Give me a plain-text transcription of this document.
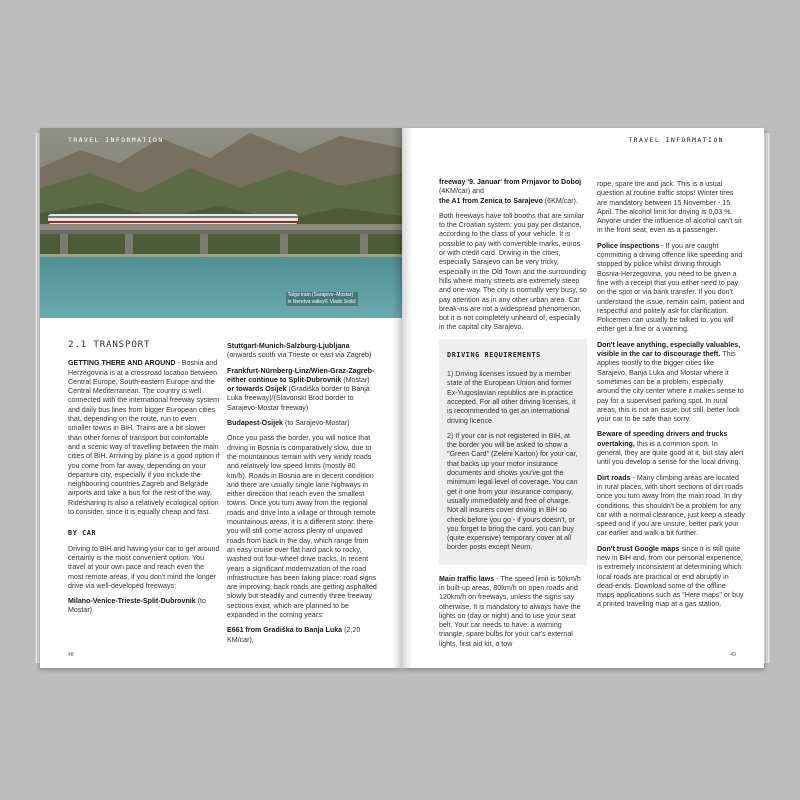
TRAVEL INFORMATION
Talgo train (Sarajevo–Mostar)
in Neretva valley© Vlado Sošić
2.1 TRANSPORT

GETTING THERE AND AROUND - Bosnia and Herzegovina is at a crossroad location between Central Europe, South-eastern Europe and the Central Mediterranean. The country is well connected with the international freeway system and daily bus lines from bigger European cities that, depending on the route, run to even smaller towns in BiH. Trains are a bit slower than other forms of transport but comfortable and a scenic way of travelling between the main cities of BiH. Arriving by plane is a good option if you come from far away, depending on your departure city, especially if you include the neighbouring countries Zagreb and Belgrade airports and take a bus for the rest of the way. Ridesharing is also a relatively ecological option to consider, since it is equally cheap and fast.

BY CAR

Driving to BiH and having your car to get around certainly is the most convenient option. You travel at your own pace and reach even the most remote areas, if you don't mind the longer drive via well-developed freeways:

Milano-Venice-Trieste-Split-Dubrovnik (to Mostar)

Stuttgart-Munich-Salzburg-Ljubljana
(onwards south via Trieste or east via Zagreb)

Frankfurt-Nürnberg-Linz/Wien-Graz-Zagreb- either continue to Split-Dubrovnik (Mostar) or towards Osijek (Gradiška border to Banja Luka freeway)/(Slavonski Brod border to Sarajevo-Mostar freeway)

Budapest-Osijek (to Sarajevo-Mostar)

Once you pass the border, you will notice that driving in Bosnia is comparatively slow, due to the mountainous terrain with very windy roads and relatively low speed limits (mostly 80 km/h). Roads in Bosnia are in decent condition and there are usually single lane highways in either direction that reach even the smallest towns. Once you turn away from the regional roads and drive into a village or through remote mountainous areas, it is a different story: there you will still come across plenty of unpaved roads from back in the day, which range from an easy cruise over flat hard pack to rocky, washed out four-wheel drive tracks. In recent years a significant modernization of the road infrastructure has been taking place: road signs are improving, back roads are getting asphalted slowly but steadily and currently three freeway sections exist, which are planned to be expanded in the coming years:

E661 from Gradiška to Banja Luka (2,20 KM/car),

48
TRAVEL INFORMATION

freeway '9. Januar' from Prnjavor to Doboj (4KM/car) and
the A1 from Zenica to Sarajevo (6KM/car).

Both freeways have toll booths that are similar to the Croatian system: you pay per distance, according to the class of your vehicle. It is possible to pay with convertible marks, euros or with credit card. Driving in the cities, especially Sarajevo can be very tricky, especially in the Old Town and the surrounding hills where many streets are extremely steep and one-way. The city is normally very busy, so pay attention as in any other urban area. Car break-ins are not a widespread phenomenon, but it is not completely unheard of, especially in the capital city Sarajevo.

DRIVING REQUIREMENTS

1) Driving licenses issued by a member state of the European Union and former Ex-Yugoslavian republics are in practice accepted. For all other driving licenses, it is recommended to get an international driving licence.

2) If your car is not registered in BiH, at the border you will be asked to show a "Green Card" (Zeleni Karton) for your car, that backs up your motor insurance documents and shows you've got the minimum legal level of coverage. You can get it one from your insurance company, usually immediately and free of charge. Not all insurers cover driving in BiH so check before you go - if yours doesn't, or you forget to bring the card, you can buy (quite expensive) temporary cover at all border posts except Neum.

Main traffic laws - The speed limit is 50km/h in built-up areas, 80km/h on open roads and 120km/h on freeways, unless the signs say otherwise. It is mandatory to always have the lights on (day or night) and to use your seat belt. Your car needs to have: a warning triangle, spare bulbs for your car's external lights, first aid kit, a tow

rope, spare tire and jack. This is a usual question at routine traffic stops! Winter tires are mandatory between 15 November - 15 April. The alcohol limit for driving is 0,03 %. Anyone under the influence of alcohol can't sit in the front seat, even as a passenger.

Police inspections - If you are caught committing a driving offence like speeding and stopped by police whilst driving through Bosnia-Herzegovina, you need to be given a fine with a receipt that you either need to pay on the spot or via bank transfer. If you don't understand the issue, remain calm, patient and respectful and politely ask for clarification. Policemen can usually be talked to, you will either get a fine or a warning.

Don't leave anything, especially valuables, visible in the car to discourage theft. This applies mostly to the bigger cities like Sarajevo, Banja Luka and Mostar where it sometimes can be a problem, especially around the city center where it makes sense to pay for a supervised parking spot. In rural areas, this is not an issue, but still, better lock your car to be safe than sorry.

Beware of speeding drivers and trucks overtaking, this is a common sport. In general, they are quite good at it, but stay alert until you develop a sense for the local driving.

Dirt roads - Many climbing areas are located in rural places, with short sections of dirt roads once you turn away from the main road. In dry conditions, this shouldn't be a problem for any car with a normal clearance, just keep a steady speed and if you are unsure, better park your car earlier and walk a bit further.

Don't trust Google maps since it is still quite new in BiH and, from our personal experience, is extremely inconsistent at determining which local roads are practical or end abruptly in dead-ends. Download some of the offline maps applications such as "Here maps" or buy a printed traveling map at a gas station.

49
